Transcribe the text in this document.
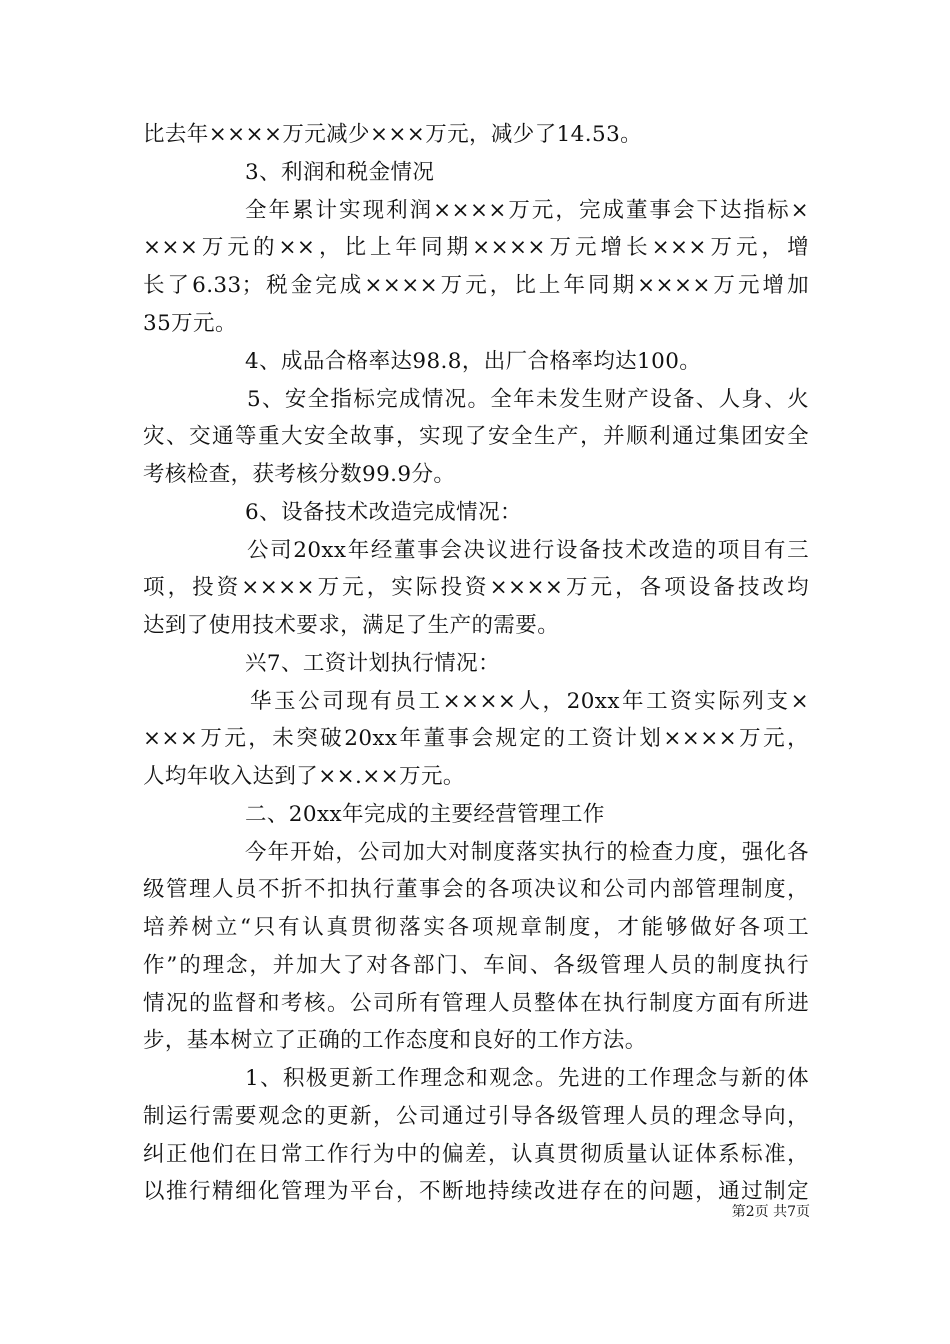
比去年××××万元减少×××万元，减少了14.53。
3、利润和税金情况
全年累计实现利润××××万元，完成董事会下达指标×
×××万元的××，比上年同期××××万元增长×××万元，增
长了6.33；税金完成××××万元，比上年同期××××万元增加
35万元。
4、成品合格率达98.8，出厂合格率均达100。
5、安全指标完成情况。全年未发生财产设备、人身、火
灾、交通等重大安全故事，实现了安全生产，并顺利通过集团安全
考核检查，获考核分数99.9分。
6、设备技术改造完成情况：
公司20xx年经董事会决议进行设备技术改造的项目有三
项，投资××××万元，实际投资××××万元，各项设备技改均
达到了使用技术要求，满足了生产的需要。
兴7、工资计划执行情况：
华玉公司现有员工××××人，20xx年工资实际列支×
×××万元，未突破20xx年董事会规定的工资计划××××万元，
人均年收入达到了××.××万元。
二、20xx年完成的主要经营管理工作
今年开始，公司加大对制度落实执行的检查力度，强化各
级管理人员不折不扣执行董事会的各项决议和公司内部管理制度，
培养树立“只有认真贯彻落实各项规章制度，才能够做好各项工
作”的理念，并加大了对各部门、车间、各级管理人员的制度执行
情况的监督和考核。公司所有管理人员整体在执行制度方面有所进
步，基本树立了正确的工作态度和良好的工作方法。
1、积极更新工作理念和观念。先进的工作理念与新的体
制运行需要观念的更新，公司通过引导各级管理人员的理念导向，
纠正他们在日常工作行为中的偏差，认真贯彻质量认证体系标准，
以推行精细化管理为平台，不断地持续改进存在的问题，通过制定
第2页 共7页
